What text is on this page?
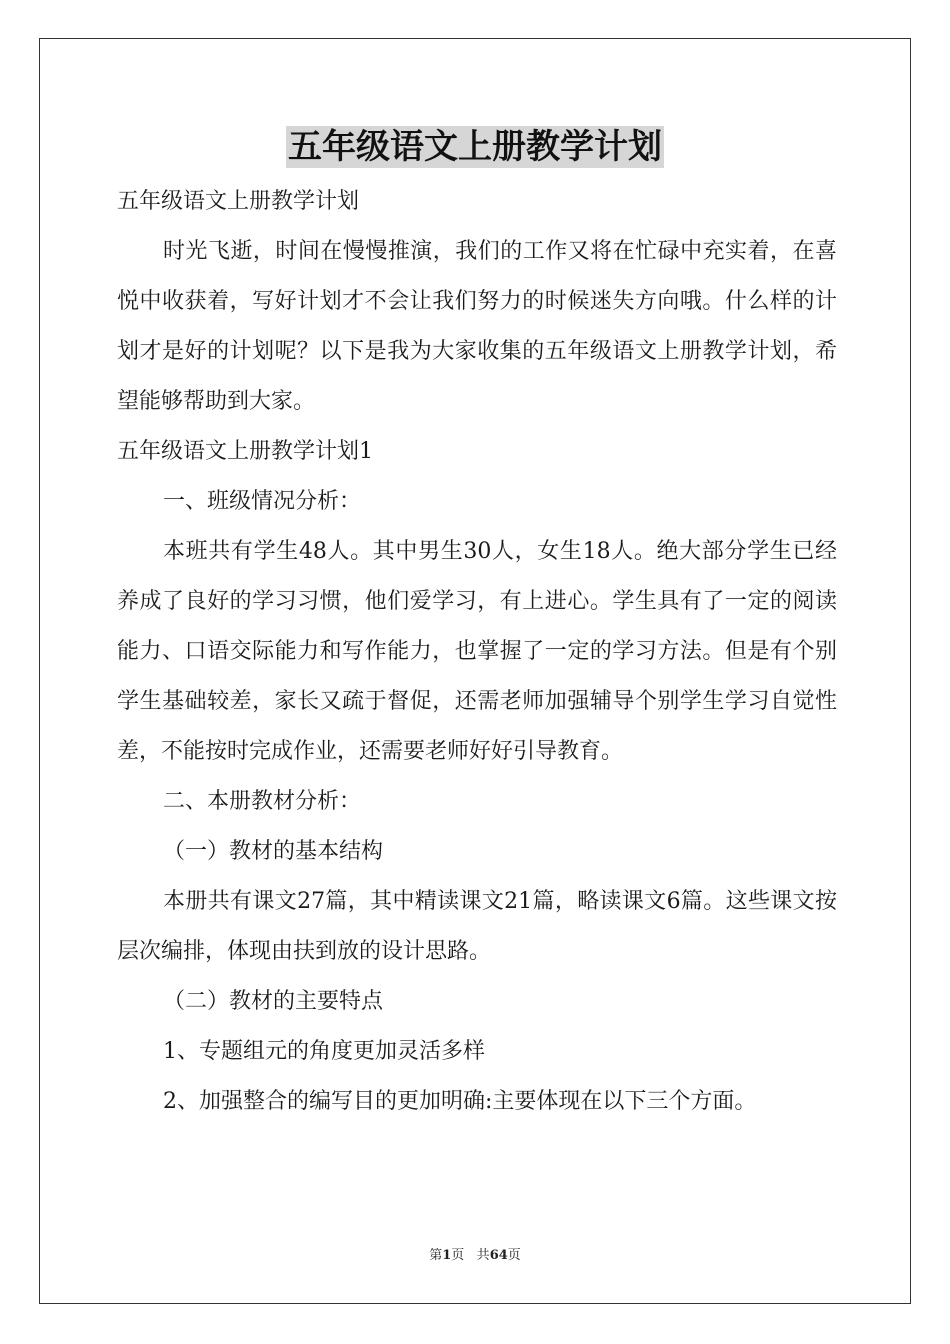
五年级语文上册教学计划

五年级语文上册教学计划

时光飞逝，时间在慢慢推演，我们的工作又将在忙碌中充实着，在喜悦中收获着，写好计划才不会让我们努力的时候迷失方向哦。什么样的计划才是好的计划呢？以下是我为大家收集的五年级语文上册教学计划，希望能够帮助到大家。

五年级语文上册教学计划1

一、班级情况分析：

本班共有学生48人。其中男生30人，女生18人。绝大部分学生已经养成了良好的学习习惯，他们爱学习，有上进心。学生具有了一定的阅读能力、口语交际能力和写作能力，也掌握了一定的学习方法。但是有个别学生基础较差，家长又疏于督促，还需老师加强辅导个别学生学习自觉性差，不能按时完成作业，还需要老师好好引导教育。

二、本册教材分析：

（一）教材的基本结构

本册共有课文27篇，其中精读课文21篇，略读课文6篇。这些课文按层次编排，体现由扶到放的设计思路。

（二）教材的主要特点

1、专题组元的角度更加灵活多样

2、加强整合的编写目的更加明确:主要体现在以下三个方面。

第1页 共64页
